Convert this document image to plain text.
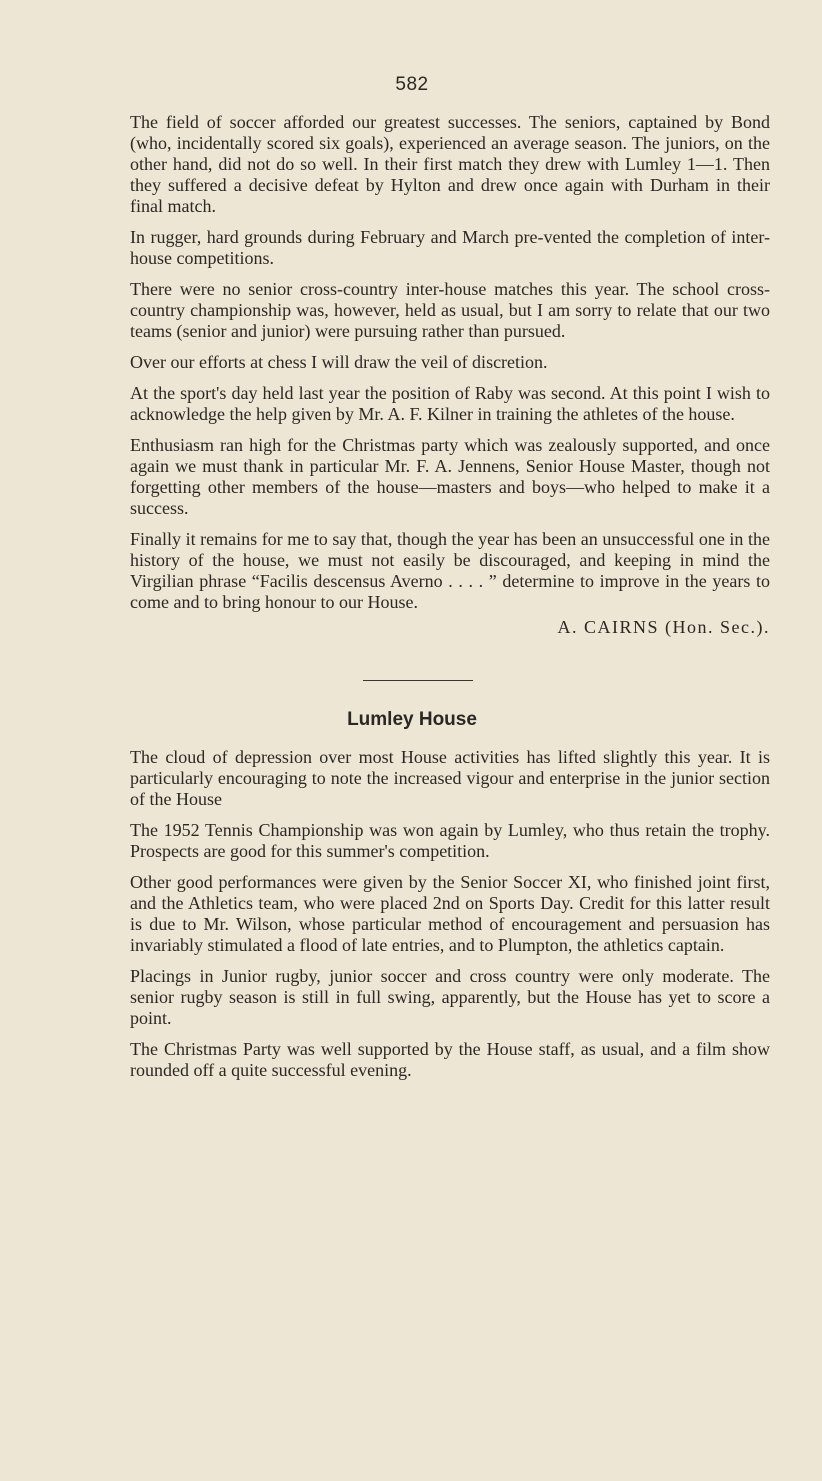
582

The field of soccer afforded our greatest successes. The seniors, captained by Bond (who, incidentally scored six goals), experienced an average season. The juniors, on the other hand, did not do so well. In their first match they drew with Lumley 1—1. Then they suffered a decisive defeat by Hylton and drew once again with Durham in their final match.

In rugger, hard grounds during February and March pre-vented the completion of inter-house competitions.

There were no senior cross-country inter-house matches this year. The school cross-country championship was, however, held as usual, but I am sorry to relate that our two teams (senior and junior) were pursuing rather than pursued.

Over our efforts at chess I will draw the veil of discretion.

At the sport's day held last year the position of Raby was second. At this point I wish to acknowledge the help given by Mr. A. F. Kilner in training the athletes of the house.

Enthusiasm ran high for the Christmas party which was zealously supported, and once again we must thank in particular Mr. F. A. Jennens, Senior House Master, though not forgetting other members of the house—masters and boys—who helped to make it a success.

Finally it remains for me to say that, though the year has been an unsuccessful one in the history of the house, we must not easily be discouraged, and keeping in mind the Virgilian phrase “Facilis descensus Averno . . . . ” determine to improve in the years to come and to bring honour to our House.

A. CAIRNS (Hon. Sec.).
Lumley House

The cloud of depression over most House activities has lifted slightly this year. It is particularly encouraging to note the increased vigour and enterprise in the junior section of the House

The 1952 Tennis Championship was won again by Lumley, who thus retain the trophy. Prospects are good for this summer's competition.

Other good performances were given by the Senior Soccer XI, who finished joint first, and the Athletics team, who were placed 2nd on Sports Day. Credit for this latter result is due to Mr. Wilson, whose particular method of encouragement and persuasion has invariably stimulated a flood of late entries, and to Plumpton, the athletics captain.

Placings in Junior rugby, junior soccer and cross country were only moderate. The senior rugby season is still in full swing, apparently, but the House has yet to score a point.

The Christmas Party was well supported by the House staff, as usual, and a film show rounded off a quite successful evening.
